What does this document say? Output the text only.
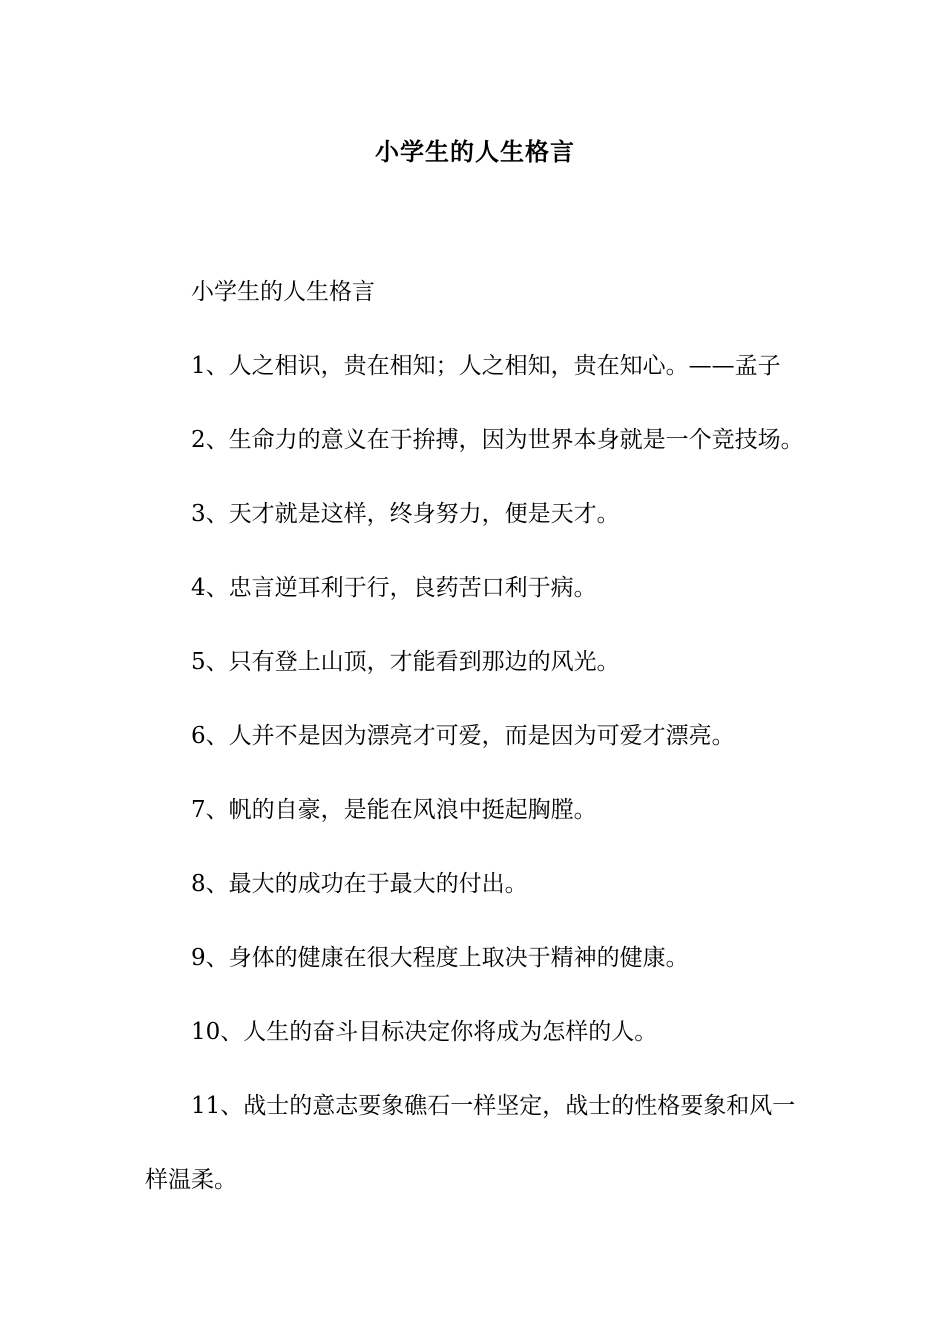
小学生的人生格言

小学生的人生格言

1、人之相识，贵在相知；人之相知，贵在知心。——孟子

2、生命力的意义在于拚搏，因为世界本身就是一个竞技场。

3、天才就是这样，终身努力，便是天才。

4、忠言逆耳利于行，良药苦口利于病。

5、只有登上山顶，才能看到那边的风光。

6、人并不是因为漂亮才可爱，而是因为可爱才漂亮。

7、帆的自豪，是能在风浪中挺起胸膛。

8、最大的成功在于最大的付出。

9、身体的健康在很大程度上取决于精神的健康。

10、人生的奋斗目标决定你将成为怎样的人。

11、战士的意志要象礁石一样坚定，战士的性格要象和风一样温柔。
